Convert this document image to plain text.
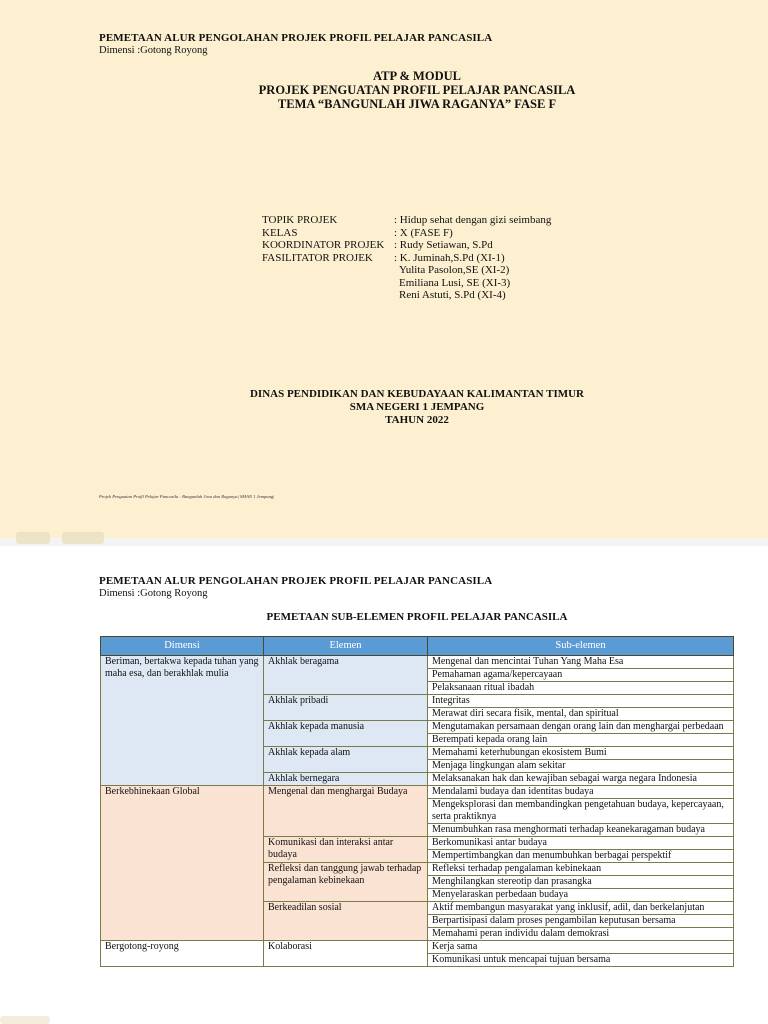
PEMETAAN ALUR PENGOLAHAN PROJEK PROFIL PELAJAR PANCASILA
Dimensi :Gotong Royong
ATP & MODUL
PROJEK PENGUATAN PROFIL PELAJAR PANCASILA
TEMA “BANGUNLAH JIWA RAGANYA” FASE F
TOPIK PROJEK	: Hidup sehat dengan gizi seimbang
KELAS	: X (FASE F)
KOORDINATOR PROJEK : Rudy Setiawan, S.Pd
FASILITATOR PROJEK	: K. Juminah,S.Pd (XI-1)
Yulita Pasolon,SE (XI-2)
Emiliana Lusi, SE (XI-3)
Reni Astuti, S.Pd (XI-4)
DINAS PENDIDIKAN DAN KEBUDAYAAN KALIMANTAN TIMUR
SMA NEGERI 1 JEMPANG
TAHUN 2022
Projek Penguatan Profil Pelajar Pancasila : Bangunlah Jiwa dan Raganya| SMAN 1 Jempang|
PEMETAAN ALUR PENGOLAHAN PROJEK PROFIL PELAJAR PANCASILA
Dimensi :Gotong Royong
PEMETAAN SUB-ELEMEN PROFIL PELAJAR PANCASILA
Dimensi	Elemen	Sub-elemen
Beriman, bertakwa kepada tuhan yang maha esa, dan berakhlak mulia	Akhlak beragama	Mengenal dan mencintai Tuhan Yang Maha Esa
		Pemahaman agama/kepercayaan
		Pelaksanaan ritual ibadah
	Akhlak pribadi	Integritas
		Merawat diri secara fisik, mental, dan spiritual
	Akhlak kepada manusia	Mengutamakan persamaan dengan orang lain dan menghargai perbedaan
		Berempati kepada orang lain
	Akhlak kepada alam	Memahami keterhubungan ekosistem Bumi
		Menjaga lingkungan alam sekitar
	Akhlak bernegara	Melaksanakan hak dan kewajiban sebagai warga negara Indonesia
Berkebhinekaan Global	Mengenal dan menghargai Budaya	Mendalami budaya dan identitas budaya
		Mengeksplorasi dan membandingkan pengetahuan budaya, kepercayaan, serta praktiknya
		Menumbuhkan rasa menghormati terhadap keanekaragaman budaya
	Komunikasi dan interaksi antar budaya	Berkomunikasi antar budaya
		Mempertimbangkan dan menumbuhkan berbagai perspektif
	Refleksi dan tanggung jawab terhadap pengalaman kebinekaan	Refleksi terhadap pengalaman kebinekaan
		Menghilangkan stereotip dan prasangka
		Menyelaraskan perbedaan budaya
	Berkeadilan sosial	Aktif membangun masyarakat yang inklusif, adil, dan berkelanjutan
		Berpartisipasi dalam proses pengambilan keputusan bersama
		Memahami peran individu dalam demokrasi
Bergotong-royong	Kolaborasi	Kerja sama
		Komunikasi untuk mencapai tujuan bersama
